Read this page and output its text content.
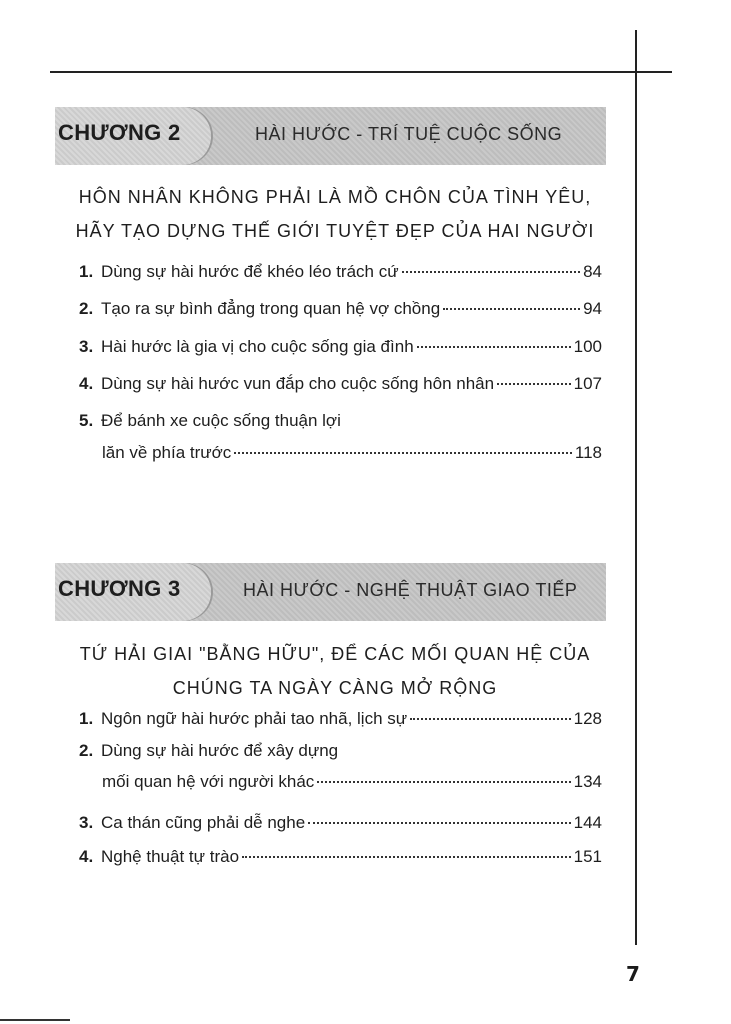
CHƯƠNG 2	HÀI HƯỚC - TRÍ TUỆ CUỘC SỐNG
HÔN NHÂN KHÔNG PHẢI LÀ MỒ CHÔN CỦA TÌNH YÊU,
HÃY TẠO DỰNG THẾ GIỚI TUYỆT ĐẸP CỦA HAI NGƯỜI
1. Dùng sự hài hước để khéo léo trách cứ	84
2. Tạo ra sự bình đẳng trong quan hệ vợ chồng	94
3. Hài hước là gia vị cho cuộc sống gia đình	100
4. Dùng sự hài hước vun đắp cho cuộc sống hôn nhân	107
5. Để bánh xe cuộc sống thuận lợi
lăn về phía trước	118
CHƯƠNG 3	HÀI HƯỚC - NGHỆ THUẬT GIAO TIẾP
TỨ HẢI GIAI "BẰNG HỮU", ĐỂ CÁC MỐI QUAN HỆ CỦA
CHÚNG TA NGÀY CÀNG MỞ RỘNG
1. Ngôn ngữ hài hước phải tao nhã, lịch sự	128
2. Dùng sự hài hước để xây dựng
mối quan hệ với người khác	134
3. Ca thán cũng phải dễ nghe	144
4. Nghệ thuật tự trào	151
7
